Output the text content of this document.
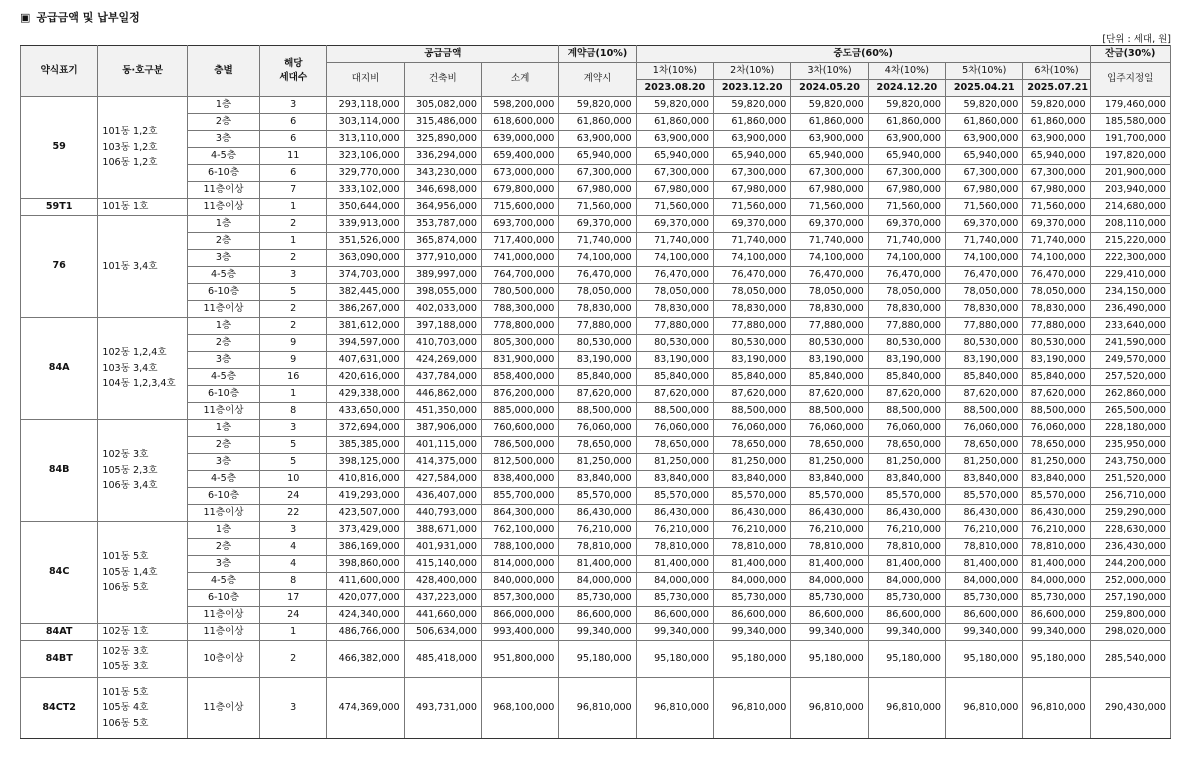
▣ 공급금액 및 납부일정
[단위 : 세대, 원]
약식표기	동·호구분	층별	해당
세대수	공급금액			계약금(10%)	중도금(60%)						잔금(30%)
				대지비	건축비	소계	계약시	1차(10%)	2차(10%)	3차(10%)	4차(10%)	5차(10%)	6차(10%)	입주지정일
								2023.08.20	2023.12.20	2024.05.20	2024.12.20	2025.04.21	2025.07.21	
59	101동 1,2호
103동 1,2호
106동 1,2호	1층	3	293,118,000	305,082,000	598,200,000	59,820,000	59,820,000	59,820,000	59,820,000	59,820,000	59,820,000	59,820,000	179,460,000
		2층	6	303,114,000	315,486,000	618,600,000	61,860,000	61,860,000	61,860,000	61,860,000	61,860,000	61,860,000	61,860,000	185,580,000
		3층	6	313,110,000	325,890,000	639,000,000	63,900,000	63,900,000	63,900,000	63,900,000	63,900,000	63,900,000	63,900,000	191,700,000
		4-5층	11	323,106,000	336,294,000	659,400,000	65,940,000	65,940,000	65,940,000	65,940,000	65,940,000	65,940,000	65,940,000	197,820,000
		6-10층	6	329,770,000	343,230,000	673,000,000	67,300,000	67,300,000	67,300,000	67,300,000	67,300,000	67,300,000	67,300,000	201,900,000
		11층이상	7	333,102,000	346,698,000	679,800,000	67,980,000	67,980,000	67,980,000	67,980,000	67,980,000	67,980,000	67,980,000	203,940,000
59T1	101동 1호	11층이상	1	350,644,000	364,956,000	715,600,000	71,560,000	71,560,000	71,560,000	71,560,000	71,560,000	71,560,000	71,560,000	214,680,000
76	101동 3,4호	1층	2	339,913,000	353,787,000	693,700,000	69,370,000	69,370,000	69,370,000	69,370,000	69,370,000	69,370,000	69,370,000	208,110,000
		2층	1	351,526,000	365,874,000	717,400,000	71,740,000	71,740,000	71,740,000	71,740,000	71,740,000	71,740,000	71,740,000	215,220,000
		3층	2	363,090,000	377,910,000	741,000,000	74,100,000	74,100,000	74,100,000	74,100,000	74,100,000	74,100,000	74,100,000	222,300,000
		4-5층	3	374,703,000	389,997,000	764,700,000	76,470,000	76,470,000	76,470,000	76,470,000	76,470,000	76,470,000	76,470,000	229,410,000
		6-10층	5	382,445,000	398,055,000	780,500,000	78,050,000	78,050,000	78,050,000	78,050,000	78,050,000	78,050,000	78,050,000	234,150,000
		11층이상	2	386,267,000	402,033,000	788,300,000	78,830,000	78,830,000	78,830,000	78,830,000	78,830,000	78,830,000	78,830,000	236,490,000
84A	102동 1,2,4호
103동 3,4호
104동 1,2,3,4호	1층	2	381,612,000	397,188,000	778,800,000	77,880,000	77,880,000	77,880,000	77,880,000	77,880,000	77,880,000	77,880,000	233,640,000
		2층	9	394,597,000	410,703,000	805,300,000	80,530,000	80,530,000	80,530,000	80,530,000	80,530,000	80,530,000	80,530,000	241,590,000
		3층	9	407,631,000	424,269,000	831,900,000	83,190,000	83,190,000	83,190,000	83,190,000	83,190,000	83,190,000	83,190,000	249,570,000
		4-5층	16	420,616,000	437,784,000	858,400,000	85,840,000	85,840,000	85,840,000	85,840,000	85,840,000	85,840,000	85,840,000	257,520,000
		6-10층	1	429,338,000	446,862,000	876,200,000	87,620,000	87,620,000	87,620,000	87,620,000	87,620,000	87,620,000	87,620,000	262,860,000
		11층이상	8	433,650,000	451,350,000	885,000,000	88,500,000	88,500,000	88,500,000	88,500,000	88,500,000	88,500,000	88,500,000	265,500,000
84B	102동 3호
105동 2,3호
106동 3,4호	1층	3	372,694,000	387,906,000	760,600,000	76,060,000	76,060,000	76,060,000	76,060,000	76,060,000	76,060,000	76,060,000	228,180,000
		2층	5	385,385,000	401,115,000	786,500,000	78,650,000	78,650,000	78,650,000	78,650,000	78,650,000	78,650,000	78,650,000	235,950,000
		3층	5	398,125,000	414,375,000	812,500,000	81,250,000	81,250,000	81,250,000	81,250,000	81,250,000	81,250,000	81,250,000	243,750,000
		4-5층	10	410,816,000	427,584,000	838,400,000	83,840,000	83,840,000	83,840,000	83,840,000	83,840,000	83,840,000	83,840,000	251,520,000
		6-10층	24	419,293,000	436,407,000	855,700,000	85,570,000	85,570,000	85,570,000	85,570,000	85,570,000	85,570,000	85,570,000	256,710,000
		11층이상	22	423,507,000	440,793,000	864,300,000	86,430,000	86,430,000	86,430,000	86,430,000	86,430,000	86,430,000	86,430,000	259,290,000
84C	101동 5호
105동 1,4호
106동 5호	1층	3	373,429,000	388,671,000	762,100,000	76,210,000	76,210,000	76,210,000	76,210,000	76,210,000	76,210,000	76,210,000	228,630,000
		2층	4	386,169,000	401,931,000	788,100,000	78,810,000	78,810,000	78,810,000	78,810,000	78,810,000	78,810,000	78,810,000	236,430,000
		3층	4	398,860,000	415,140,000	814,000,000	81,400,000	81,400,000	81,400,000	81,400,000	81,400,000	81,400,000	81,400,000	244,200,000
		4-5층	8	411,600,000	428,400,000	840,000,000	84,000,000	84,000,000	84,000,000	84,000,000	84,000,000	84,000,000	84,000,000	252,000,000
		6-10층	17	420,077,000	437,223,000	857,300,000	85,730,000	85,730,000	85,730,000	85,730,000	85,730,000	85,730,000	85,730,000	257,190,000
		11층이상	24	424,340,000	441,660,000	866,000,000	86,600,000	86,600,000	86,600,000	86,600,000	86,600,000	86,600,000	86,600,000	259,800,000
84AT	102동 1호	11층이상	1	486,766,000	506,634,000	993,400,000	99,340,000	99,340,000	99,340,000	99,340,000	99,340,000	99,340,000	99,340,000	298,020,000
84BT	102동 3호
105동 3호	10층이상	2	466,382,000	485,418,000	951,800,000	95,180,000	95,180,000	95,180,000	95,180,000	95,180,000	95,180,000	95,180,000	285,540,000
84CT2	101동 5호
105동 4호
106동 5호	11층이상	3	474,369,000	493,731,000	968,100,000	96,810,000	96,810,000	96,810,000	96,810,000	96,810,000	96,810,000	96,810,000	290,430,000
